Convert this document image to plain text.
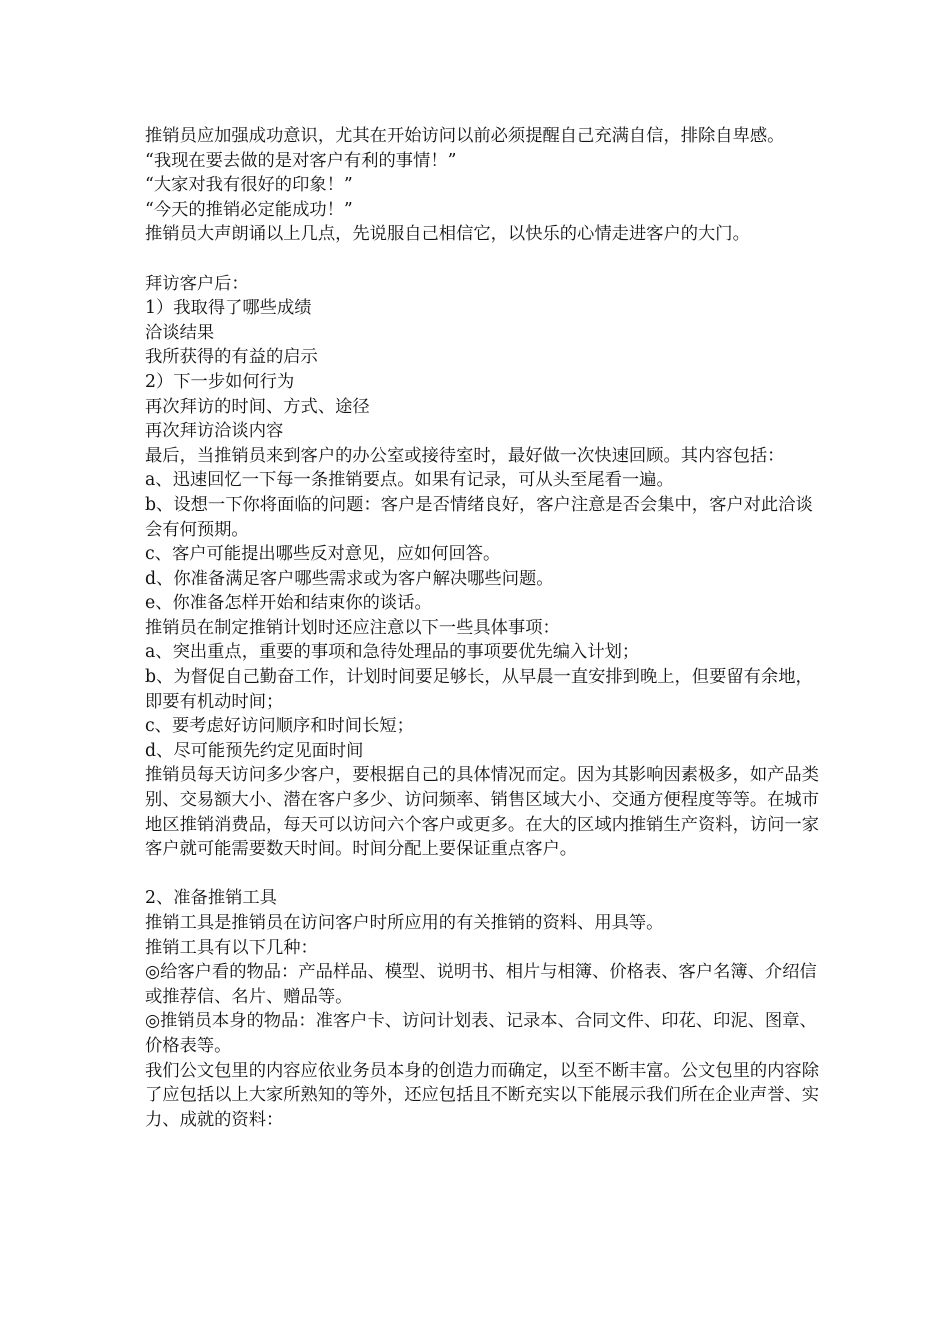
推销员应加强成功意识，尤其在开始访问以前必须提醒自己充满自信，排除自卑感。

“我现在要去做的是对客户有利的事情！”

“大家对我有很好的印象！”

“今天的推销必定能成功！”

推销员大声朗诵以上几点，先说服自己相信它，以快乐的心情走进客户的大门。

拜访客户后：

1）我取得了哪些成绩

洽谈结果

我所获得的有益的启示

2）下一步如何行为

再次拜访的时间、方式、途径

再次拜访洽谈内容

最后，当推销员来到客户的办公室或接待室时，最好做一次快速回顾。其内容包括：

a、迅速回忆一下每一条推销要点。如果有记录，可从头至尾看一遍。

b、设想一下你将面临的问题：客户是否情绪良好，客户注意是否会集中，客户对此洽谈会有何预期。

c、客户可能提出哪些反对意见，应如何回答。

d、你准备满足客户哪些需求或为客户解决哪些问题。

e、你准备怎样开始和结束你的谈话。

推销员在制定推销计划时还应注意以下一些具体事项：

a、突出重点，重要的事项和急待处理品的事项要优先编入计划；

b、为督促自己勤奋工作，计划时间要足够长，从早晨一直安排到晚上，但要留有余地，即要有机动时间；

c、要考虑好访问顺序和时间长短；

d、尽可能预先约定见面时间

推销员每天访问多少客户，要根据自己的具体情况而定。因为其影响因素极多，如产品类别、交易额大小、潜在客户多少、访问频率、销售区域大小、交通方便程度等等。在城市地区推销消费品，每天可以访问六个客户或更多。在大的区域内推销生产资料，访问一家客户就可能需要数天时间。时间分配上要保证重点客户。

2、准备推销工具

推销工具是推销员在访问客户时所应用的有关推销的资料、用具等。

推销工具有以下几种：

◎给客户看的物品：产品样品、模型、说明书、相片与相簿、价格表、客户名簿、介绍信或推荐信、名片、赠品等。

◎推销员本身的物品：准客户卡、访问计划表、记录本、合同文件、印花、印泥、图章、价格表等。

我们公文包里的内容应依业务员本身的创造力而确定，以至不断丰富。公文包里的内容除了应包括以上大家所熟知的等外，还应包括且不断充实以下能展示我们所在企业声誉、实力、成就的资料：
